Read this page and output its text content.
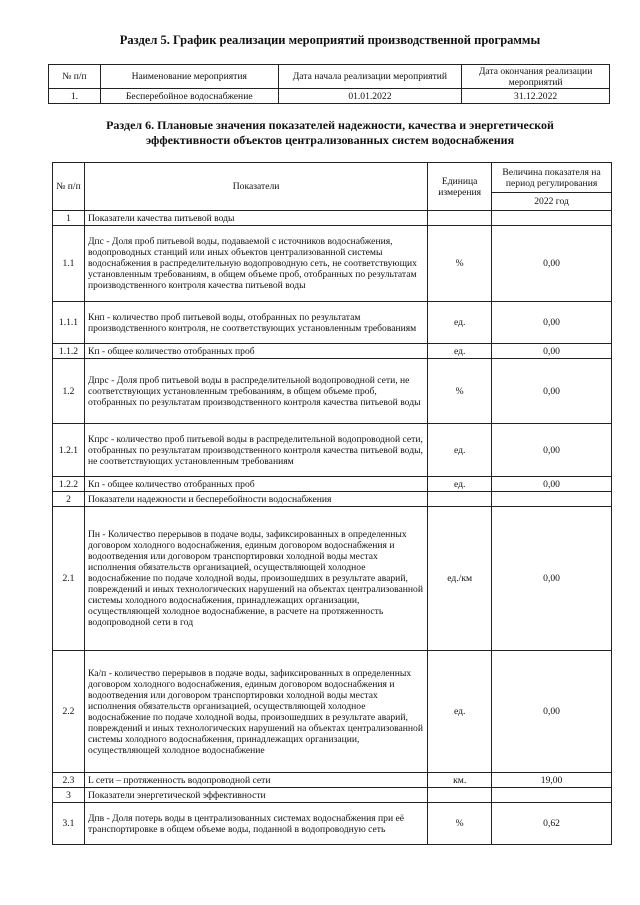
Раздел 5. График реализации мероприятий производственной программы
№ п/п	Наименование мероприятия	Дата начала реализации мероприятий	Дата окончания реализации мероприятий
1.	Бесперебойное водоснабжение	01.01.2022	31.12.2022
Раздел 6. Плановые значения показателей надежности, качества и энергетической
эффективности объектов централизованных систем водоснабжения
№ п/п	Показатели	Единица измерения	Величина показателя на период регулирования
			2022 год
1	Показатели качества питьевой воды		
1.1	Дпс - Доля проб питьевой воды, подаваемой с источников водоснабжения, водопроводных станций или иных объектов централизованной системы водоснабжения в распределительную водопроводную сеть, не соответствующих установленным требованиям, в общем объеме проб, отобранных по результатам производственного контроля качества питьевой воды	%	0,00
1.1.1	Кнп - количество проб питьевой воды, отобранных по результатам производственного контроля, не соответствующих установленным требованиям	ед.	0,00
1.1.2	Кп - общее количество отобранных проб	ед.	0,00
1.2	Дпрс - Доля проб питьевой воды в распределительной водопроводной сети, не соответствующих установленным требованиям, в общем объеме проб, отобранных по результатам производственного контроля качества питьевой воды	%	0,00
1.2.1	Кпрс - количество проб питьевой воды в распределительной водопроводной сети, отобранных по результатам производственного контроля качества питьевой воды, не соответствующих установленным требованиям	ед.	0,00
1.2.2	Кп - общее количество отобранных проб	ед.	0,00
2	Показатели надежности и бесперебойности водоснабжения		
2.1	Пн - Количество перерывов в подаче воды, зафиксированных в определенных договором холодного водоснабжения, единым договором водоснабжения и водоотведения или договором транспортировки холодной воды местах исполнения обязательств организацией, осуществляющей холодное водоснабжение по подаче холодной воды, произошедших в результате аварий, повреждений и иных технологических нарушений на объектах централизованной системы холодного водоснабжения, принадлежащих организации, осуществляющей холодное водоснабжение, в расчете на протяженность водопроводной сети в год	ед./км	0,00
2.2	Ка/п - количество перерывов в подаче воды, зафиксированных в определенных договором холодного водоснабжения, единым договором водоснабжения и водоотведения или договором транспортировки холодной воды местах исполнения обязательств организацией, осуществляющей холодное водоснабжение по подаче холодной воды, произошедших в результате аварий, повреждений и иных технологических нарушений на объектах централизованной системы холодного водоснабжения, принадлежащих организации, осуществляющей холодное водоснабжение	ед.	0,00
2.3	L сети – протяженность водопроводной сети	км.	19,00
3	Показатели энергетической эффективности		
3.1	Дпв - Доля потерь воды в централизованных системах водоснабжения при её транспортировке в общем объеме воды, поданной в водопроводную сеть	%	0,62
